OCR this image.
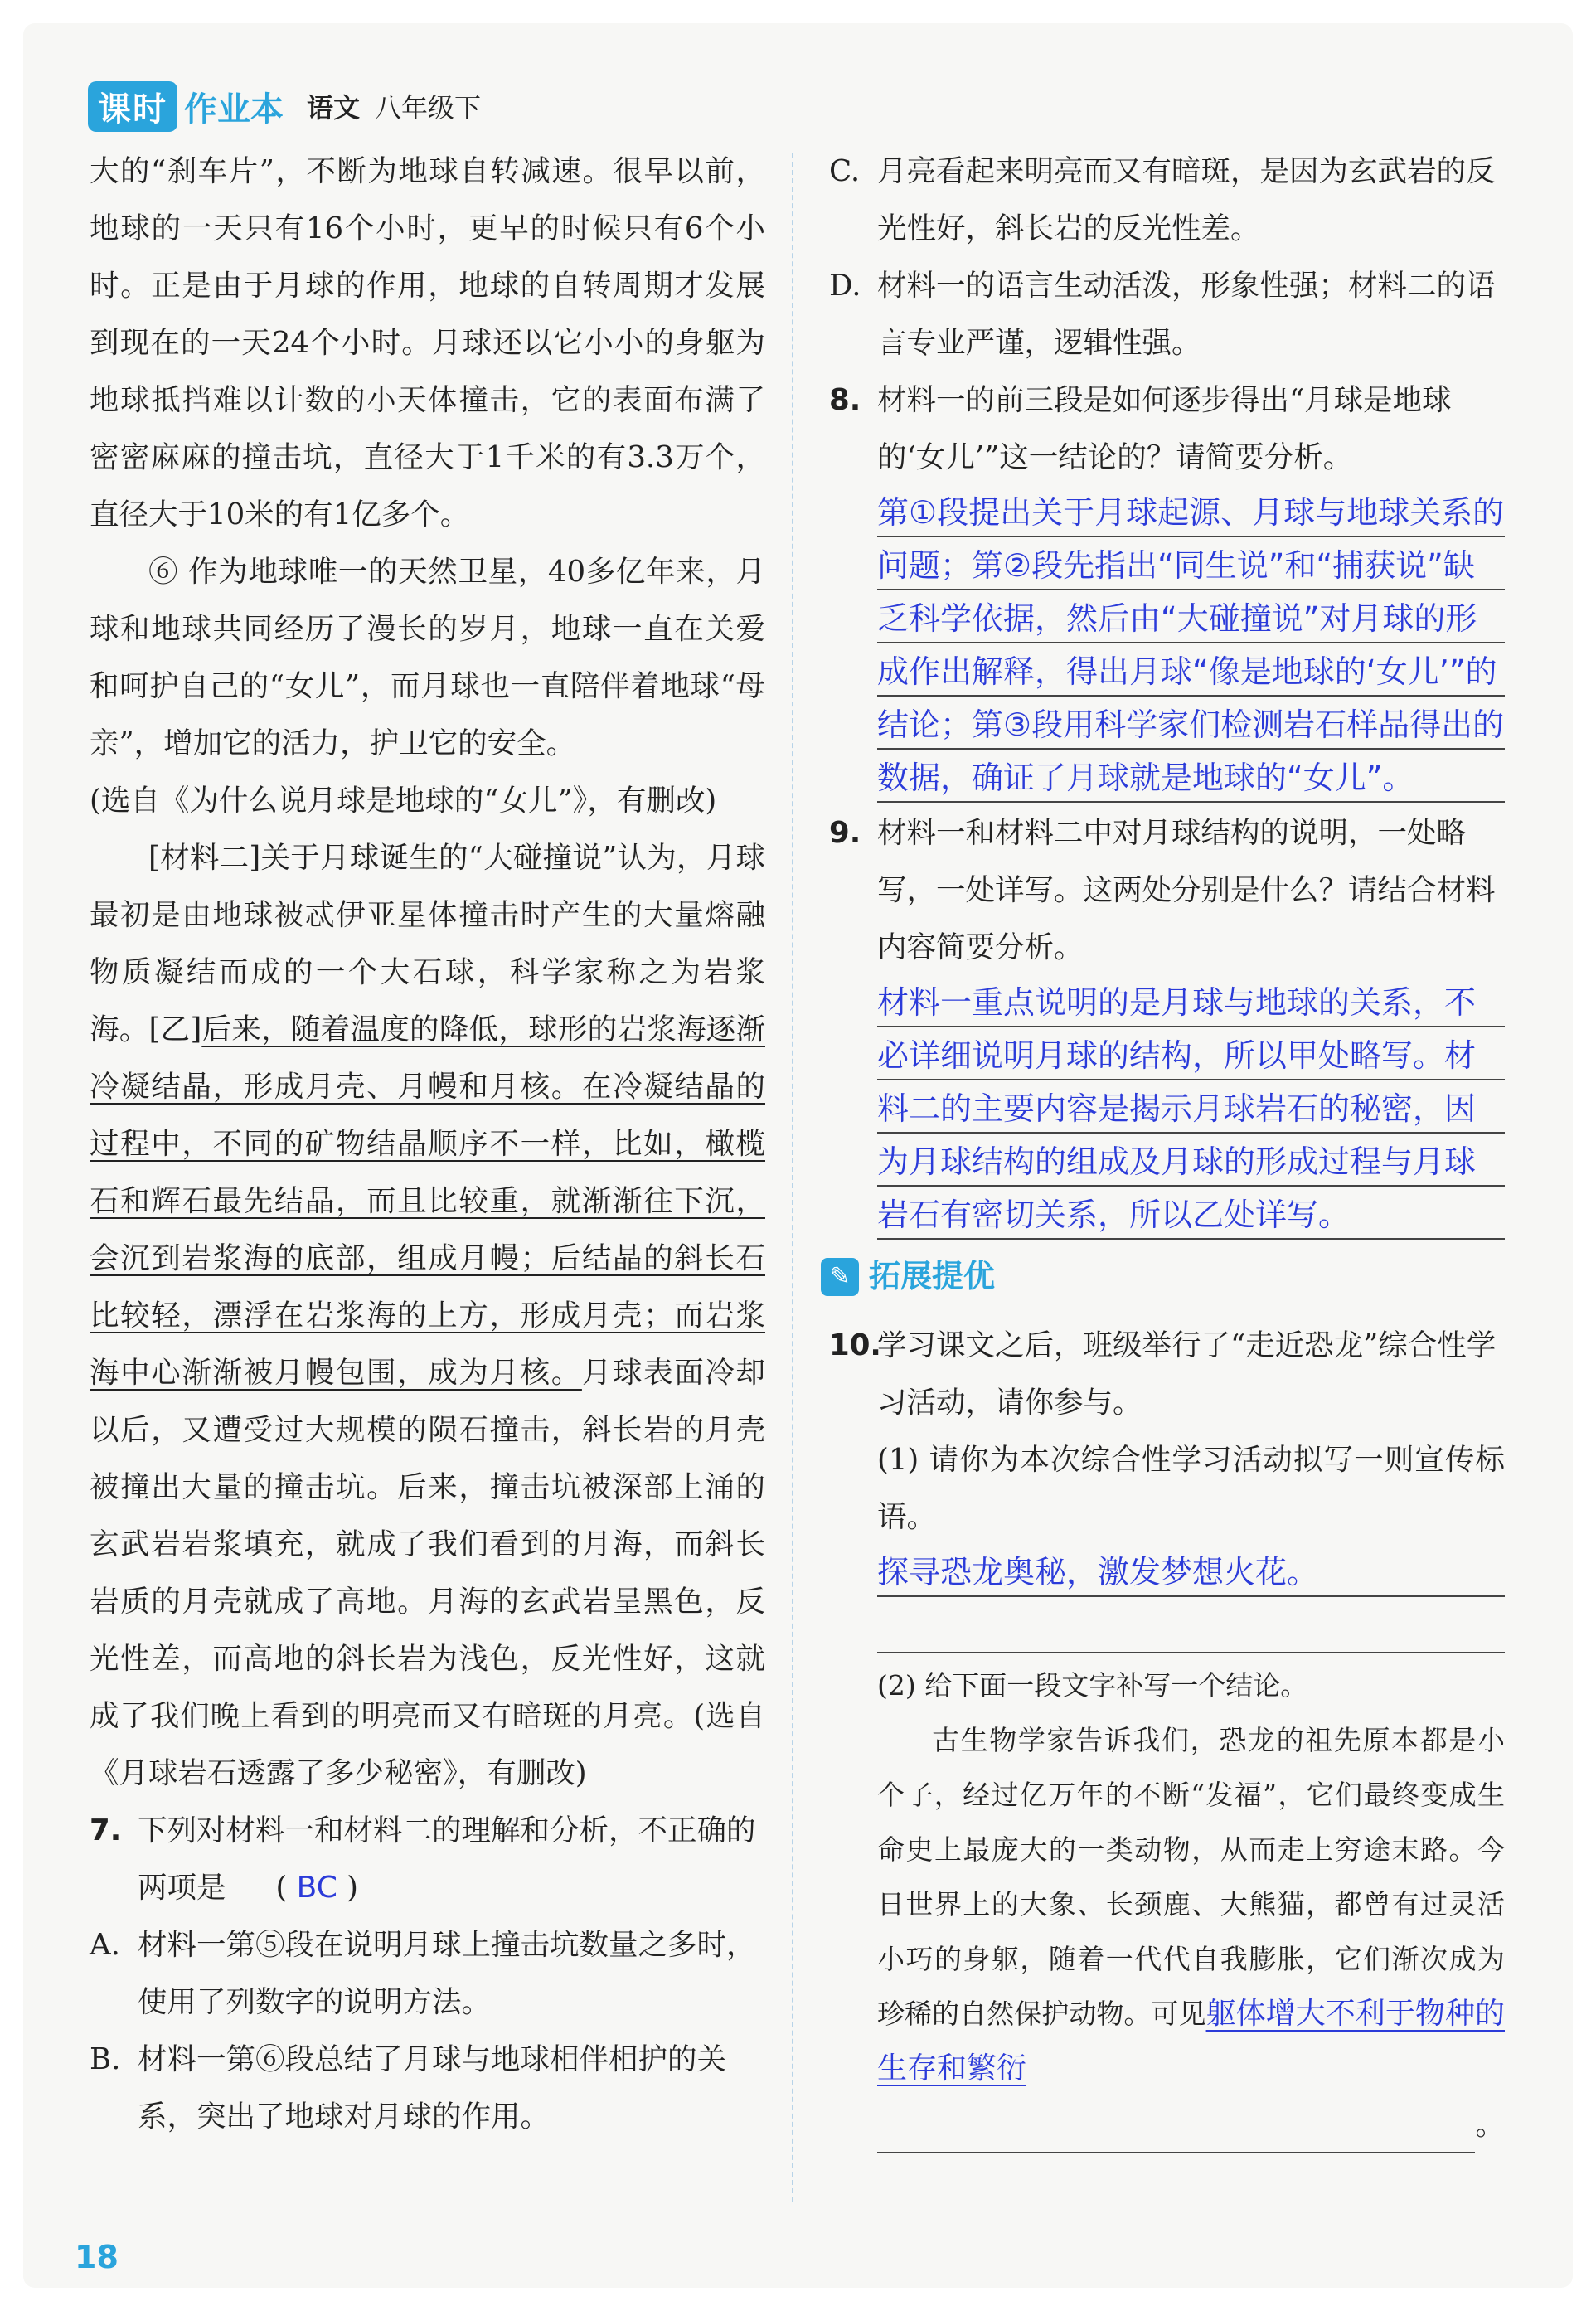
课时 作业本 语文 八年级下

大的“刹车片”，不断为地球自转减速。很早以前，地球的一天只有16个小时，更早的时候只有6个小时。正是由于月球的作用，地球的自转周期才发展到现在的一天24个小时。月球还以它小小的身躯为地球抵挡难以计数的小天体撞击，它的表面布满了密密麻麻的撞击坑，直径大于1千米的有3.3万个，直径大于10米的有1亿多个。

⑥ 作为地球唯一的天然卫星，40多亿年来，月球和地球共同经历了漫长的岁月，地球一直在关爱和呵护自己的“女儿”，而月球也一直陪伴着地球“母亲”，增加它的活力，护卫它的安全。

(选自《为什么说月球是地球的“女儿”》，有删改)

[材料二]关于月球诞生的“大碰撞说”认为，月球最初是由地球被忒伊亚星体撞击时产生的大量熔融物质凝结而成的一个大石球，科学家称之为岩浆海。[乙]后来，随着温度的降低，球形的岩浆海逐渐冷凝结晶，形成月壳、月幔和月核。在冷凝结晶的过程中，不同的矿物结晶顺序不一样，比如，橄榄石和辉石最先结晶，而且比较重，就渐渐往下沉，会沉到岩浆海的底部，组成月幔；后结晶的斜长石比较轻，漂浮在岩浆海的上方，形成月壳；而岩浆海中心渐渐被月幔包围，成为月核。月球表面冷却以后，又遭受过大规模的陨石撞击，斜长岩的月壳被撞出大量的撞击坑。后来，撞击坑被深部上涌的玄武岩岩浆填充，就成了我们看到的月海，而斜长岩质的月壳就成了高地。月海的玄武岩呈黑色，反光性差，而高地的斜长岩为浅色，反光性好，这就成了我们晚上看到的明亮而又有暗斑的月亮。(选自《月球岩石透露了多少秘密》，有删改)

7. 下列对材料一和材料二的理解和分析，不正确的两项是 ( BC )
A. 材料一第⑤段在说明月球上撞击坑数量之多时，使用了列数字的说明方法。
B. 材料一第⑥段总结了月球与地球相伴相护的关系，突出了地球对月球的作用。
C. 月亮看起来明亮而又有暗斑，是因为玄武岩的反光性好，斜长岩的反光性差。
D. 材料一的语言生动活泼，形象性强；材料二的语言专业严谨，逻辑性强。
8. 材料一的前三段是如何逐步得出“月球是地球的‘女儿’”这一结论的？请简要分析。

第①段提出关于月球起源、月球与地球关系的问题；第②段先指出“同生说”和“捕获说”缺乏科学依据，然后由“大碰撞说”对月球的形成作出解释，得出月球“像是地球的‘女儿’”的结论；第③段用科学家们检测岩石样品得出的数据，确证了月球就是地球的“女儿”。

9. 材料一和材料二中对月球结构的说明，一处略写，一处详写。这两处分别是什么？请结合材料内容简要分析。

材料一重点说明的是月球与地球的关系，不必详细说明月球的结构，所以甲处略写。材料二的主要内容是揭示月球岩石的秘密，因为月球结构的组成及月球的形成过程与月球岩石有密切关系，所以乙处详写。

✎ 拓展提优
10.
学习课文之后，班级举行了“走近恐龙”综合性学习活动，请你参与。

(1) 请你为本次综合性学习活动拟写一则宣传标语。

探寻恐龙奥秘，激发梦想火花。

(2) 给下面一段文字补写一个结论。

古生物学家告诉我们，恐龙的祖先原本都是小个子，经过亿万年的不断“发福”，它们最终变成生命史上最庞大的一类动物，从而走上穷途末路。今日世界上的大象、长颈鹿、大熊猫，都曾有过灵活小巧的身躯，随着一代代自我膨胀，它们渐次成为珍稀的自然保护动物。可见躯体增大不利于物种的生存和繁衍

。
18
